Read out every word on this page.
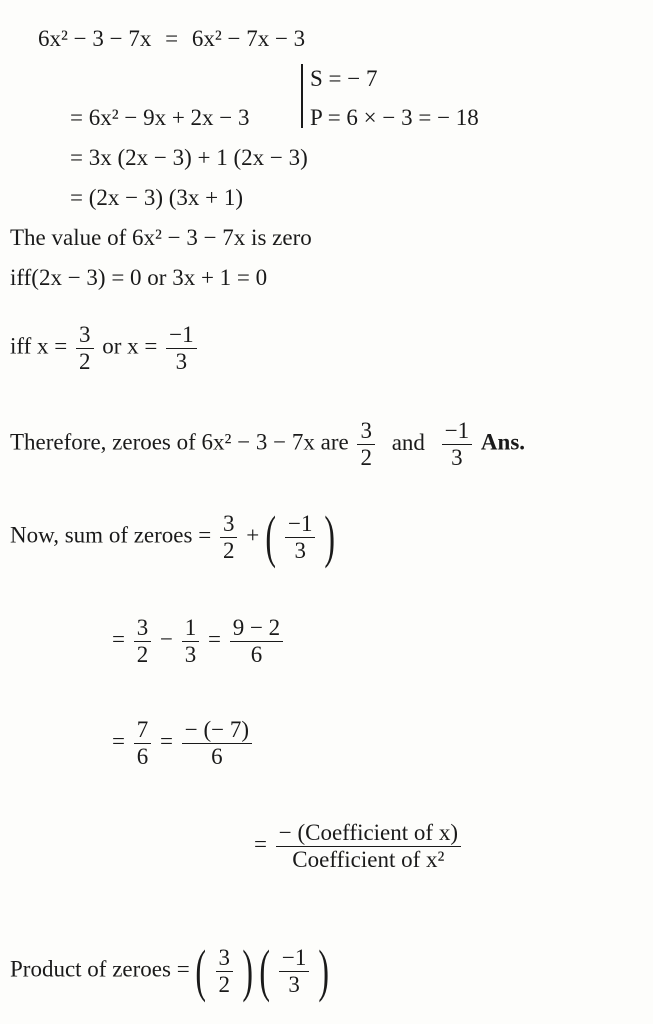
6x² − 3 − 7x = 6x² − 7x − 3
S = − 7
P = 6 × − 3 = − 18
= 6x² − 9x + 2x − 3
= 3x (2x − 3) + 1 (2x − 3)
= (2x − 3) (3x + 1)
The value of 6x² − 3 − 7x is zero
iff(2x − 3) = 0 or 3x + 1 = 0
iff $x = \frac{3}{2}$ or $x = \frac{-1}{3}$
Therefore, zeroes of 6x² − 3 − 7x are $\frac{3}{2}$ and $\frac{-1}{3}$ Ans.
Now, sum of zeroes = $\frac{3}{2}$ + ( $\frac{-1}{3}$ )
= $\frac{3}{2} - \frac{1}{3} = \frac{9 - 2}{6}$
= $\frac{7}{6} = \frac{- (- 7)}{6}$
= $\frac{\text{− (Coefficient of x)}}{\text{Coefficient of x²}}$
Product of zeroes = ( $\frac{3}{2}$ ) ( $\frac{-1}{3}$ )
